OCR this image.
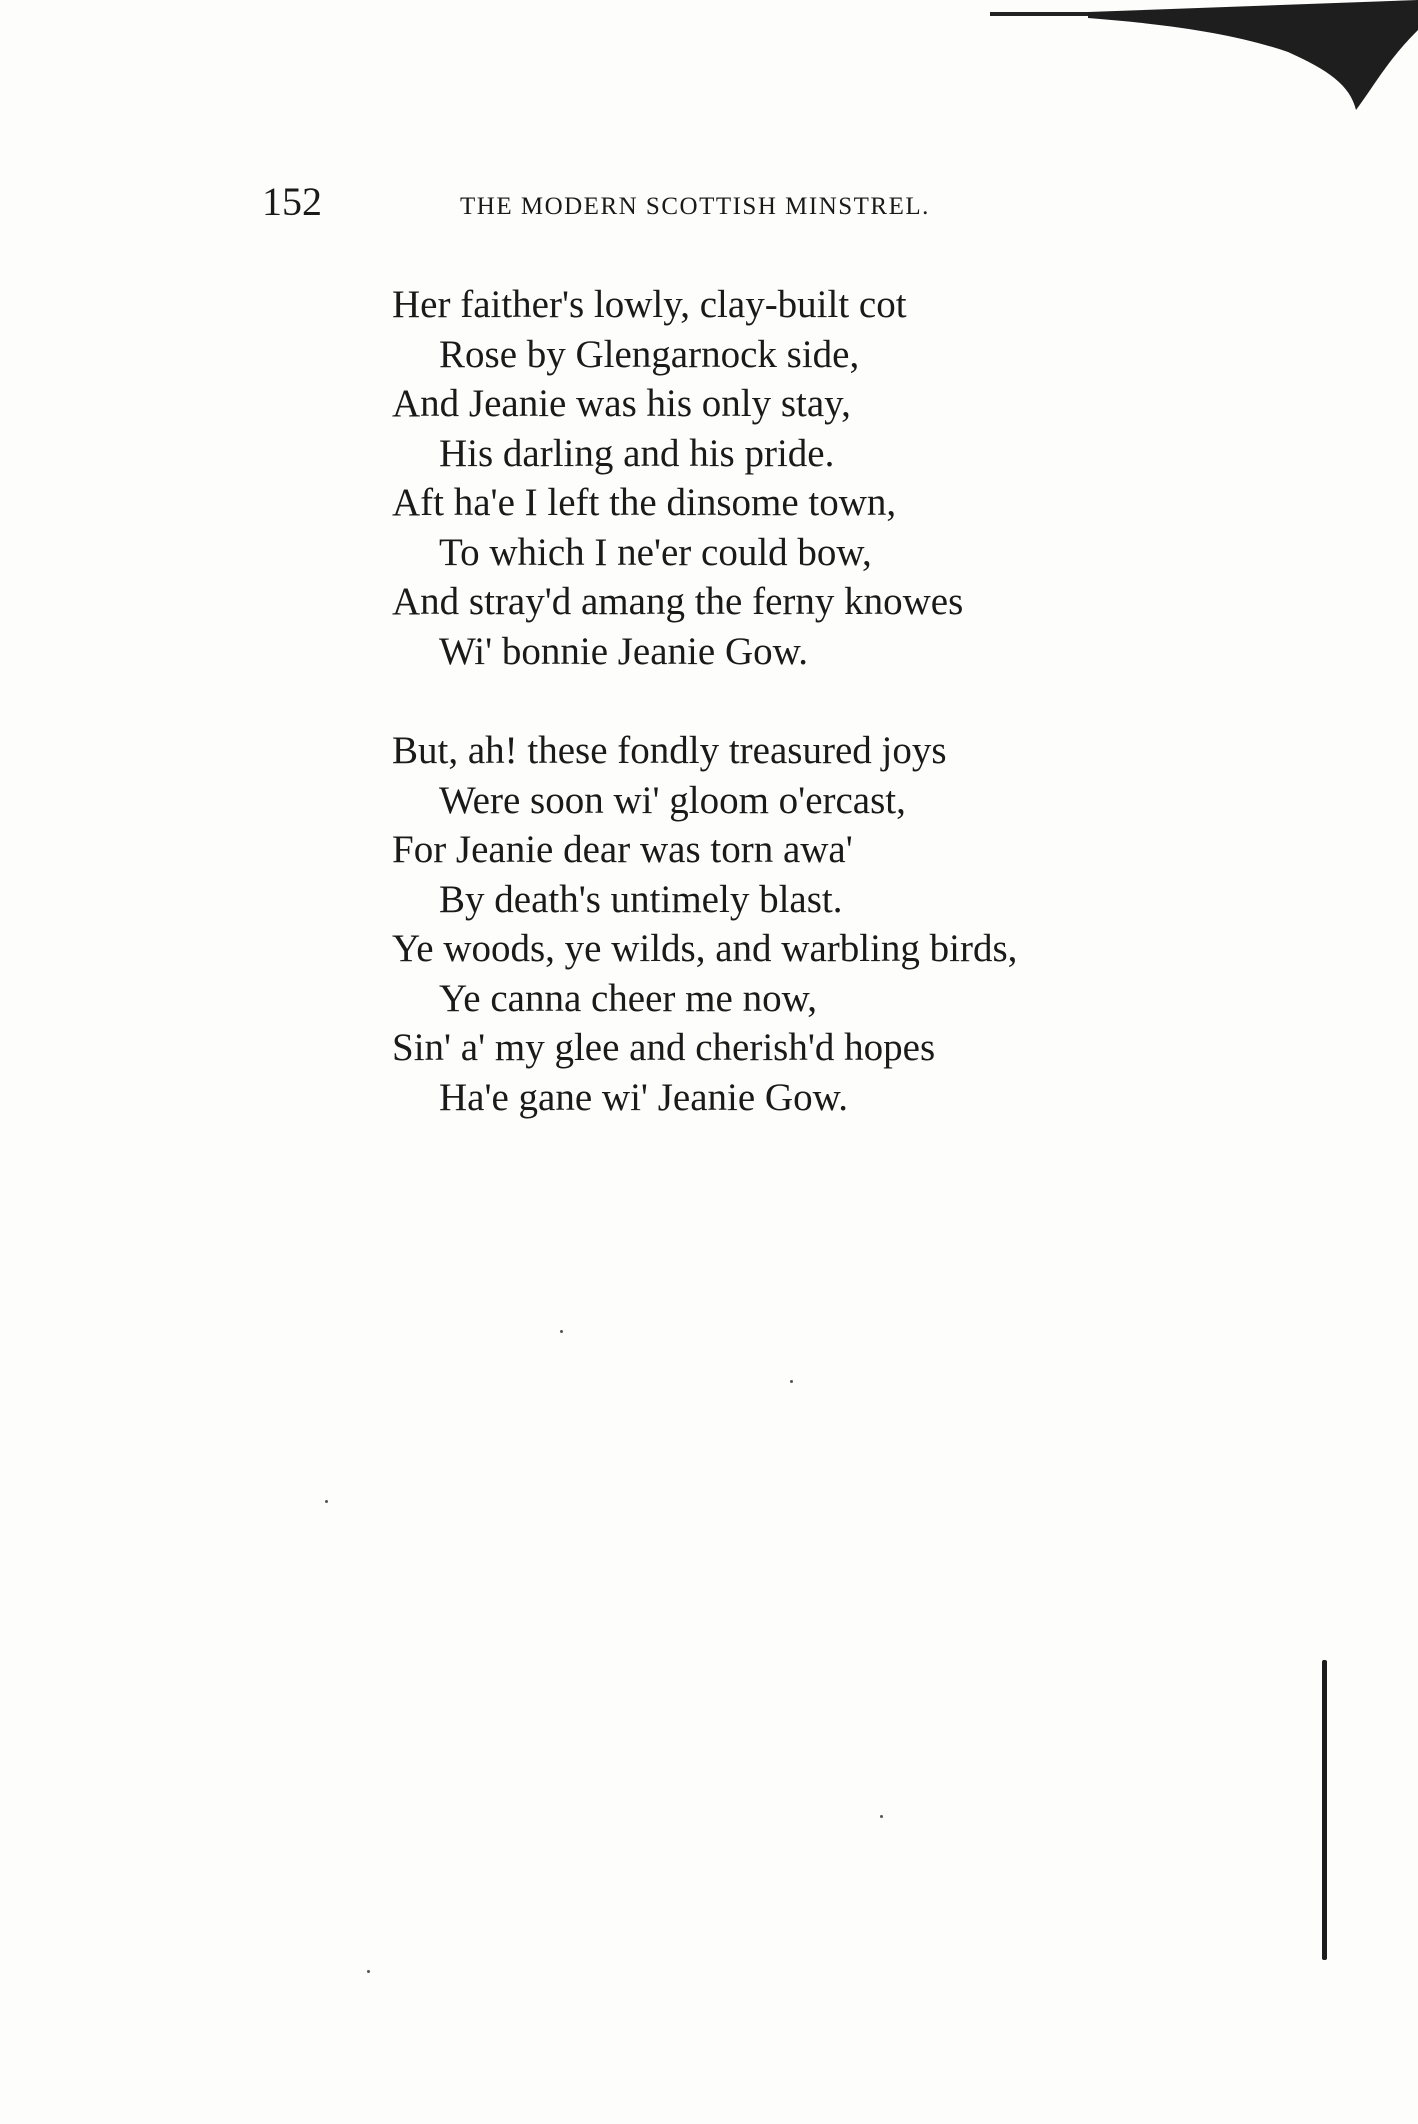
152	THE MODERN SCOTTISH MINSTREL.
Her faither's lowly, clay-built cot
Rose by Glengarnock side,
And Jeanie was his only stay,
His darling and his pride.
Aft ha'e I left the dinsome town,
To which I ne'er could bow,
And stray'd amang the ferny knowes
Wi' bonnie Jeanie Gow.
But, ah! these fondly treasured joys
Were soon wi' gloom o'ercast,
For Jeanie dear was torn awa'
By death's untimely blast.
Ye woods, ye wilds, and warbling birds,
Ye canna cheer me now,
Sin' a' my glee and cherish'd hopes
Ha'e gane wi' Jeanie Gow.
